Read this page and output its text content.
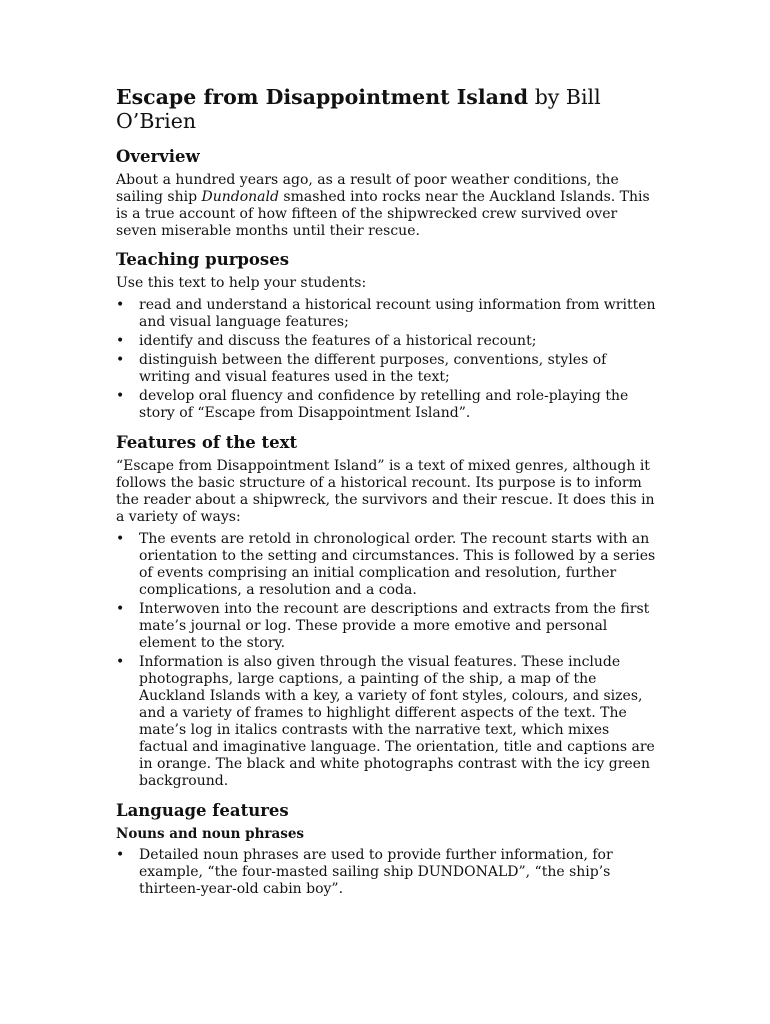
Escape from Disappointment Island by Bill O’Brien
Overview

About a hundred years ago, as a result of poor weather conditions, the sailing ship Dundonald smashed into rocks near the Auckland Islands. This is a true account of how fifteen of the shipwrecked crew survived over seven miserable months until their rescue.

Teaching purposes

Use this text to help your students:

• read and understand a historical recount using information from written and visual language features;
• identify and discuss the features of a historical recount;
• distinguish between the different purposes, conventions, styles of writing and visual features used in the text;
• develop oral fluency and confidence by retelling and role-playing the story of “Escape from Disappointment Island”.
Features of the text

“Escape from Disappointment Island” is a text of mixed genres, although it follows the basic structure of a historical recount. Its purpose is to inform the reader about a shipwreck, the survivors and their rescue. It does this in a variety of ways:

• The events are retold in chronological order. The recount starts with an orientation to the setting and circumstances. This is followed by a series of events comprising an initial complication and resolution, further complications, a resolution and a coda.
• Interwoven into the recount are descriptions and extracts from the first mate’s journal or log. These provide a more emotive and personal element to the story.
• Information is also given through the visual features. These include photographs, large captions, a painting of the ship, a map of the Auckland Islands with a key, a variety of font styles, colours, and sizes, and a variety of frames to highlight different aspects of the text. The mate’s log in italics contrasts with the narrative text, which mixes factual and imaginative language. The orientation, title and captions are in orange. The black and white photographs contrast with the icy green background.
Language features
Nouns and noun phrases
• Detailed noun phrases are used to provide further information, for example, “the four-masted sailing ship DUNDONALD”, “the ship’s thirteen-year-old cabin boy”.
